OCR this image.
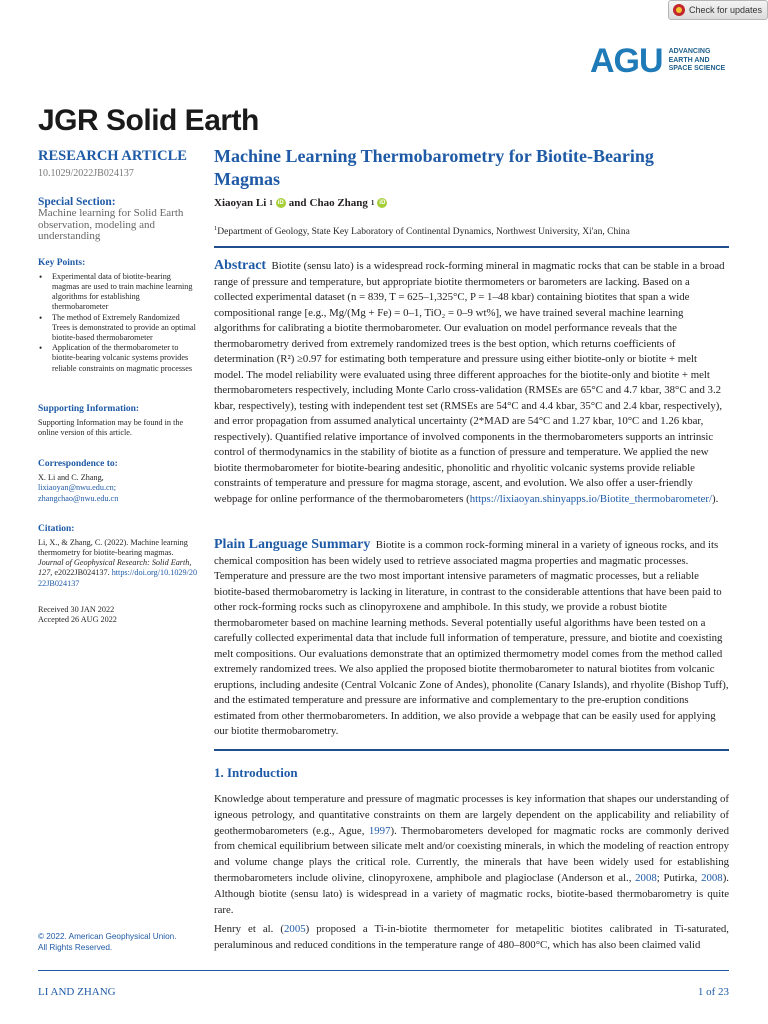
Check for updates
AGU ADVANCING
EARTH AND
SPACE SCIENCE
JGR Solid Earth
RESEARCH ARTICLE
10.1029/2022JB024137
Special Section:
Machine learning for Solid Earth observation, modeling and understanding
Key Points:
• Experimental data of biotite-bearing magmas are used to train machine learning algorithms for establishing thermobarometer
• The method of Extremely Randomized Trees is demonstrated to provide an optimal biotite-based thermobarometer
• Application of the thermobarometer to biotite-bearing volcanic systems provides reliable constraints on magmatic processes
Supporting Information:
Supporting Information may be found in the online version of this article.
Correspondence to:
X. Li and C. Zhang,
lixiaoyan@nwu.edu.cn;
zhangchao@nwu.edu.cn
Citation:
Li, X., & Zhang, C. (2022). Machine learning thermometry for biotite-bearing magmas. Journal of Geophysical Research: Solid Earth, 127, e2022JB024137. https://doi.org/10.1029/2022JB024137
Received 30 JAN 2022
Accepted 26 AUG 2022
Machine Learning Thermobarometry for Biotite-Bearing Magmas
Xiaoyan Li 1 iD and Chao Zhang 1 iD
$^1$Department of Geology, State Key Laboratory of Continental Dynamics, Northwest University, Xi'an, China
Abstract Biotite (sensu lato) is a widespread rock-forming mineral in magmatic rocks that can be stable in a broad range of pressure and temperature, but appropriate biotite thermometers or barometers are lacking. Based on a collected experimental dataset (n = 839, T = 625–1,325°C, P = 1–48 kbar) containing biotites that span a wide compositional range [e.g., Mg/(Mg + Fe) = 0–1, TiO₂ = 0–9 wt%], we have trained several machine learning algorithms for calibrating a biotite thermobarometer. Our evaluation on model performance reveals that the thermobarometry derived from extremely randomized trees is the best option, which returns coefficients of determination (R²) ≥0.97 for estimating both temperature and pressure using either biotite-only or biotite + melt model. The model reliability were evaluated using three different approaches for the biotite-only and biotite + melt thermobarometers respectively, including Monte Carlo cross-validation (RMSEs are 65°C and 4.7 kbar, 38°C and 3.2 kbar, respectively), testing with independent test set (RMSEs are 54°C and 4.4 kbar, 35°C and 2.4 kbar, respectively), and error propagation from assumed analytical uncertainty (2*MAD are 54°C and 1.27 kbar, 10°C and 1.26 kbar, respectively). Quantified relative importance of involved components in the thermobarometers supports an intrinsic control of thermodynamics in the stability of biotite as a function of pressure and temperature. We applied the new biotite thermobarometer for biotite-bearing andesitic, phonolitic and rhyolitic volcanic systems provide reliable constraints of temperature and pressure for magma storage, ascent, and evolution. We also offer a user-friendly webpage for online performance of the thermobarometers (https://lixiaoyan.shinyapps.io/Biotite_thermobarometer/).
Plain Language Summary Biotite is a common rock-forming mineral in a variety of igneous rocks, and its chemical composition has been widely used to retrieve associated magma properties and magmatic processes. Temperature and pressure are the two most important intensive parameters of magmatic processes, but a reliable biotite-based thermobarometry is lacking in literature, in contrast to the considerable attentions that have been paid to other rock-forming rocks such as clinopyroxene and amphibole. In this study, we provide a robust biotite thermobarometer based on machine learning methods. Several potentially useful algorithms have been tested on a carefully collected experimental data that include full information of temperature, pressure, and biotite and coexisting melt compositions. Our evaluations demonstrate that an optimized thermometry model comes from the method called extremely randomized trees. We also applied the proposed biotite thermobarometer to natural biotites from volcanic eruptions, including andesite (Central Volcanic Zone of Andes), phonolite (Canary Islands), and rhyolite (Bishop Tuff), and the estimated temperature and pressure are informative and complementary to the pre-eruption conditions estimated from other thermobarometers. In addition, we also provide a webpage that can be easily used for applying our biotite thermobarometry.
1. Introduction
Knowledge about temperature and pressure of magmatic processes is key information that shapes our understanding of igneous petrology, and quantitative constraints on them are largely dependent on the applicability and reliability of geothermobarometers (e.g., Ague, 1997). Thermobarometers developed for magmatic rocks are commonly derived from chemical equilibrium between silicate melt and/or coexisting minerals, in which the modeling of reaction entropy and volume change plays the critical role. Currently, the minerals that have been widely used for establishing thermobarometers include olivine, clinopyroxene, amphibole and plagioclase (Anderson et al., 2008; Putirka, 2008). Although biotite (sensu lato) is widespread in a variety of magmatic rocks, biotite-based thermobarometry is quite rare.
Henry et al. (2005) proposed a Ti-in-biotite thermometer for metapelitic biotites calibrated in Ti-saturated, peraluminous and reduced conditions in the temperature range of 480–800°C, which has also been claimed valid
© 2022. American Geophysical Union.
All Rights Reserved.
LI AND ZHANG	1 of 23
